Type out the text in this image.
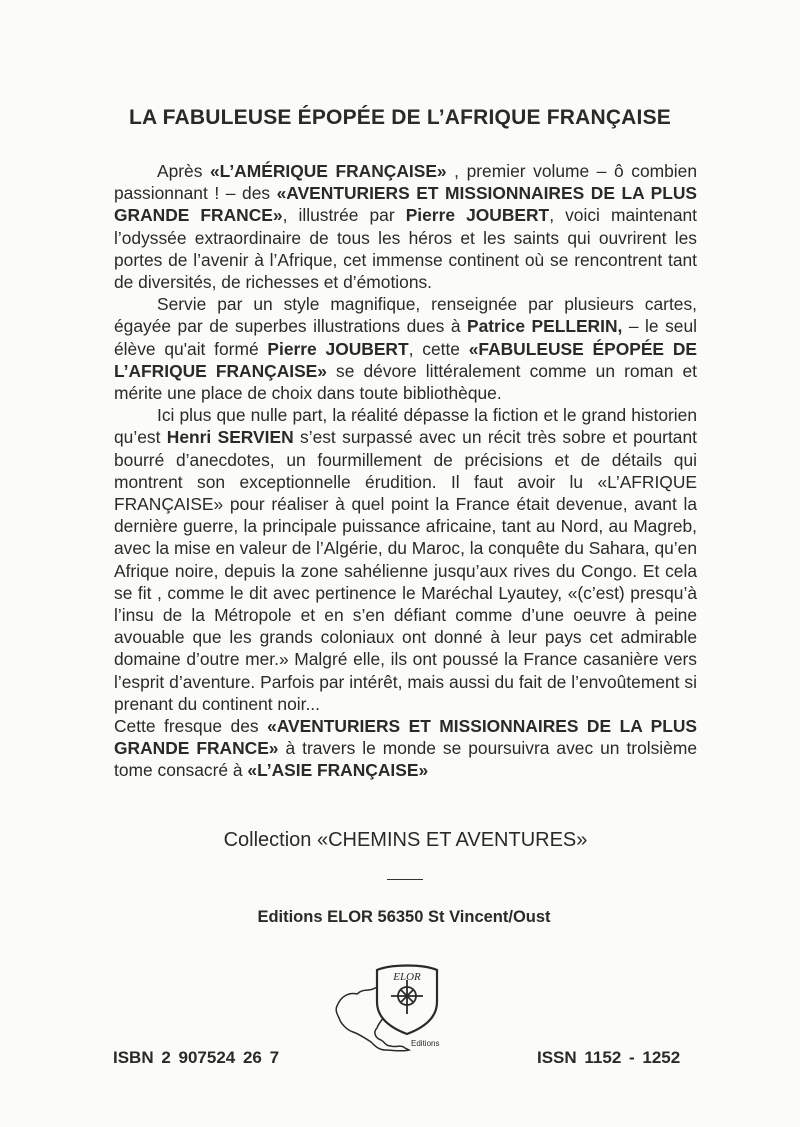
LA FABULEUSE ÉPOPÉE DE L’AFRIQUE FRANÇAISE

Après «L’AMÉRIQUE FRANÇAISE» , premier volume – ô combien passionnant ! – des «AVENTURIERS ET MISSIONNAIRES DE LA PLUS GRANDE FRANCE», illustrée par Pierre JOUBERT, voici maintenant l’odyssée extraordinaire de tous les héros et les saints qui ouvrirent les portes de l’avenir à l’Afrique, cet immense continent où se rencontrent tant de diversités, de richesses et d’émotions.

Servie par un style magnifique, renseignée par plusieurs cartes, égayée par de superbes illustrations dues à Patrice PELLERIN, – le seul élève qu'ait formé Pierre JOUBERT, cette «FABULEUSE ÉPOPÉE DE L’AFRIQUE FRANÇAISE» se dévore littéralement comme un roman et mérite une place de choix dans toute bibliothèque.

Ici plus que nulle part, la réalité dépasse la fiction et le grand historien qu’est Henri SERVIEN s’est surpassé avec un récit très sobre et pourtant bourré d’anecdotes, un fourmillement de précisions et de détails qui montrent son exceptionnelle érudition. Il faut avoir lu «L’AFRIQUE FRANÇAISE» pour réaliser à quel point la France était devenue, avant la dernière guerre, la principale puissance africaine, tant au Nord, au Magreb, avec la mise en valeur de l’Algérie, du Maroc, la conquête du Sahara, qu’en Afrique noire, depuis la zone sahélienne jusqu’aux rives du Congo. Et cela se fit , comme le dit avec pertinence le Maréchal Lyautey, «(c’est) presqu’à l’insu de la Métropole et en s’en défiant comme d’une oeuvre à peine avouable que les grands coloniaux ont donné à leur pays cet admirable domaine d’outre mer.» Malgré elle, ils ont poussé la France casanière vers l’esprit d’aventure. Parfois par intérêt, mais aussi du fait de l’envoûtement si prenant du continent noir...

Cette fresque des «AVENTURIERS ET MISSIONNAIRES DE LA PLUS GRANDE FRANCE» à travers le monde se poursuivra avec un trolsième tome consacré à «L’ASIE FRANÇAISE»

Collection «CHEMINS ET AVENTURES»
Editions ELOR 56350 St Vincent/Oust
ELOR
Editions
ISBN 2 907524 26 7	ISSN 1152 - 1252
